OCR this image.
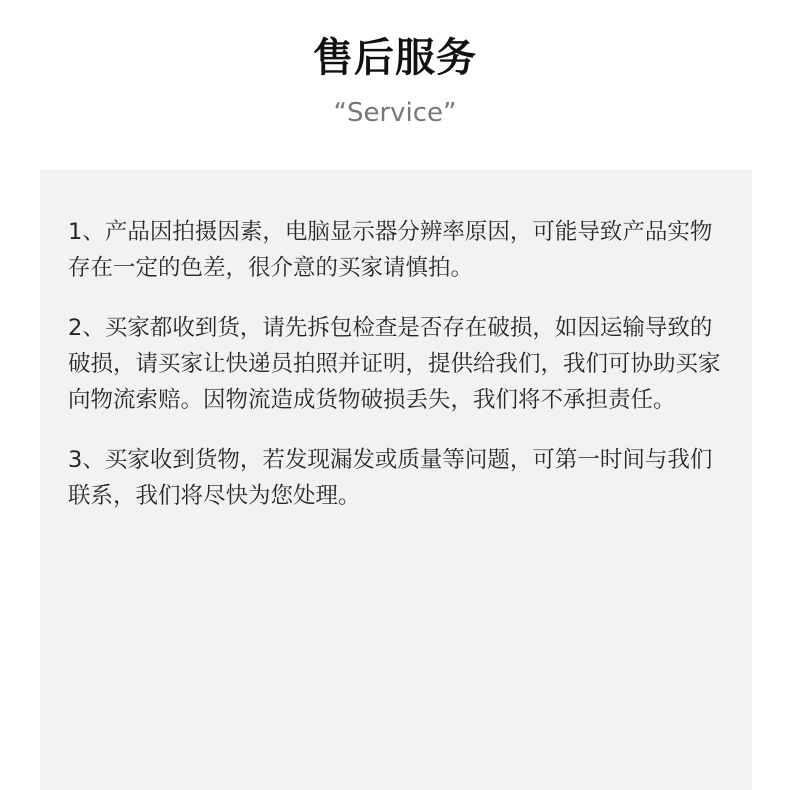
售后服务
“Service”

1、产品因拍摄因素，电脑显示器分辨率原因，可能导致产品实物存在一定的色差，很介意的买家请慎拍。

2、买家都收到货，请先拆包检查是否存在破损，如因运输导致的破损，请买家让快递员拍照并证明，提供给我们，我们可协助买家向物流索赔。因物流造成货物破损丢失，我们将不承担责任。

3、买家收到货物，若发现漏发或质量等问题，可第一时间与我们联系，我们将尽快为您处理。
